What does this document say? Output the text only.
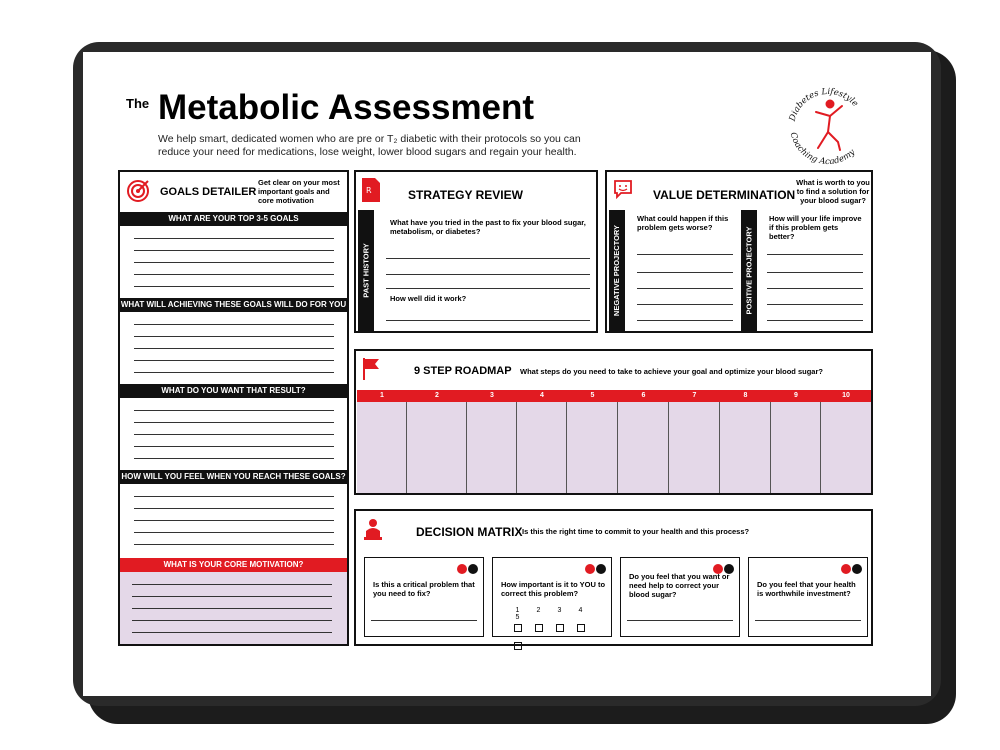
The Metabolic Assessment
We help smart, dedicated women who are pre or T₂ diabetic with their protocols so you can reduce your need for medications, lose weight, lower blood sugars and regain your health.
Diabetes Lifestyle
Coaching Academy
GOALS DETAILER
Get clear on your most important goals and core motivation
WHAT ARE YOUR TOP 3-5 GOALS
WHAT WILL ACHIEVING THESE GOALS WILL DO FOR YOU
WHAT DO YOU WANT THAT RESULT?
HOW WILL YOU FEEL WHEN YOU REACH THESE GOALS?
WHAT IS YOUR CORE MOTIVATION?
R	STRATEGY REVIEW
PAST HISTORY
What have you tried in the past to fix your blood sugar, metabolism, or diabetes?
How well did it work?
VALUE DETERMINATION
What is worth to you to find a solution for your blood sugar?
NEGATIVE PROJECTORY
What could happen if this problem gets worse?	POSITIVE PROJECTORY
How will your life improve if this problem gets better?
9 STEP ROADMAP What steps do you need to take to achieve your goal and optimize your blood sugar?
1	2	3	4	5	6	7	8	9	10
DECISION MATRIX Is this the right time to commit to your health and this process?
Is this a critical problem that you need to fix?
How important is it to YOU to correct this problem?
1 2 3 45
Do you feel that you want or need help to correct your blood sugar?
Do you feel that your health is worthwhile investment?
